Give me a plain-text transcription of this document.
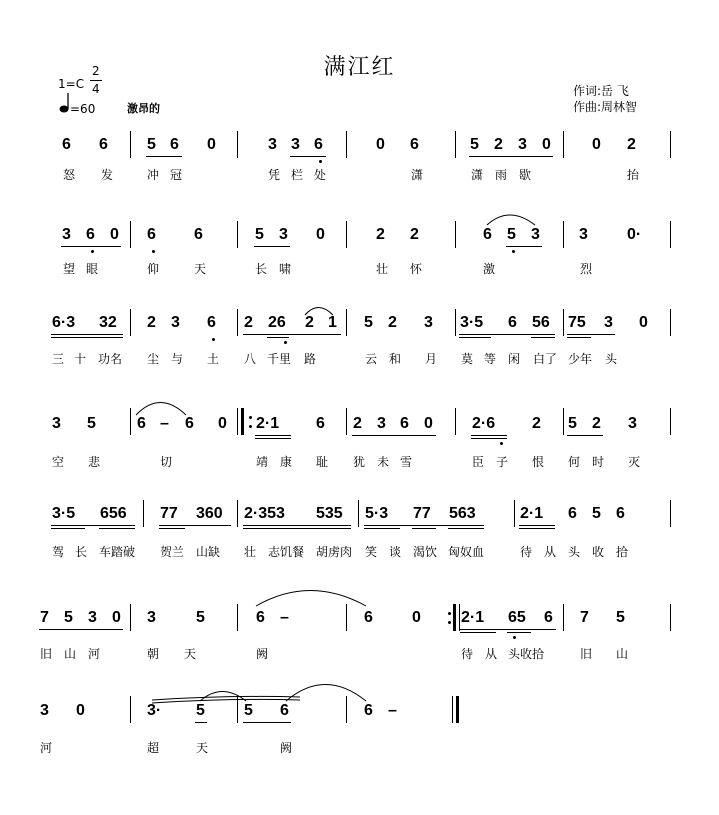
满江红
1=C
2
4
=60	激昂的
作词:岳 飞
作曲:周林智
6 6 5 6 0	3 3 6	0 6	5 2 3 0	0 2
怒 发	冲 冠	凭 栏 处	潇	潇 雨 歇	抬
3 6 0 6 6	5 3 0	2 2	6 5 3 3 0·
望 眼	仰	天	长 啸	壮 怀	激	烈
6·3 32 2 3 6 2 26 2 1 5 2 3 3·5 6 56 75 3 0
三 十 功名 尘 与 土 八 千里 路	云 和 月 莫 等 闲 白了 少年 头
3 5	6 – 6 0 2·1 6 2 3 6 0 2·6 2 5 2 3
空 悲	切	靖 康 耻 犹 未 雪	臣 子 恨 何 时 灭
3·5 656 77 360 2·353 535 5·3 77 563	2·1 6 5 6
驾 长 车踏破 贺兰 山缺 壮 志饥餐 胡虏肉 笑 谈 渴饮 匈奴血	待 从 头 收 拾
7 5 3 0 3	5	6 –	6 0	2·1 65 6 7 5
旧 山 河	朝 天	阙	待 从 头收拾	旧 山
3 0	3· 5 5 6	6 –
河	超	天	阙
